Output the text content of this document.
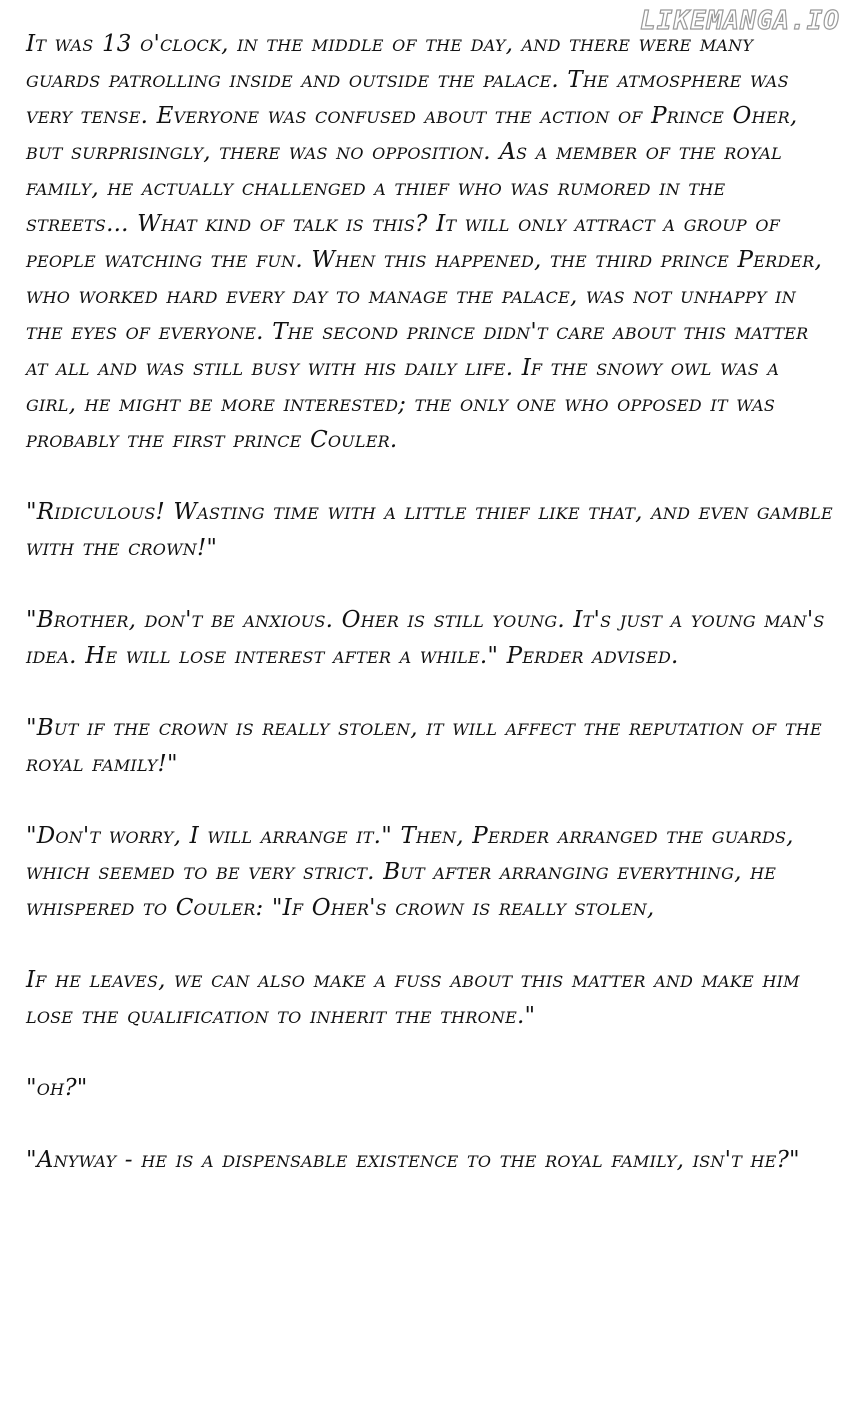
LIKEMANGA.IO

It was 13 o'clock, in the middle of the day, and there were many guards patrolling inside and outside the palace. The atmosphere was very tense. Everyone was confused about the action of Prince Oher, but surprisingly, there was no opposition. As a member of the royal family, he actually challenged a thief who was rumored in the streets... What kind of talk is this? It will only attract a group of people watching the fun. When this happened, the third prince Perder, who worked hard every day to manage the palace, was not unhappy in the eyes of everyone. The second prince didn't care about this matter at all and was still busy with his daily life. If the snowy owl was a girl, he might be more interested; the only one who opposed it was probably the first prince Couler.

"Ridiculous! Wasting time with a little thief like that, and even gamble with the crown!"

"Brother, don't be anxious. Oher is still young. It's just a young man's idea. He will lose interest after a while." Perder advised.

"But if the crown is really stolen, it will affect the reputation of the royal family!"

"Don't worry, I will arrange it." Then, Perder arranged the guards, which seemed to be very strict. But after arranging everything, he whispered to Couler: "If Oher's crown is really stolen,

If he leaves, we can also make a fuss about this matter and make him lose the qualification to inherit the throne."

"oh?"

"Anyway - he is a dispensable existence to the royal family, isn't he?"
